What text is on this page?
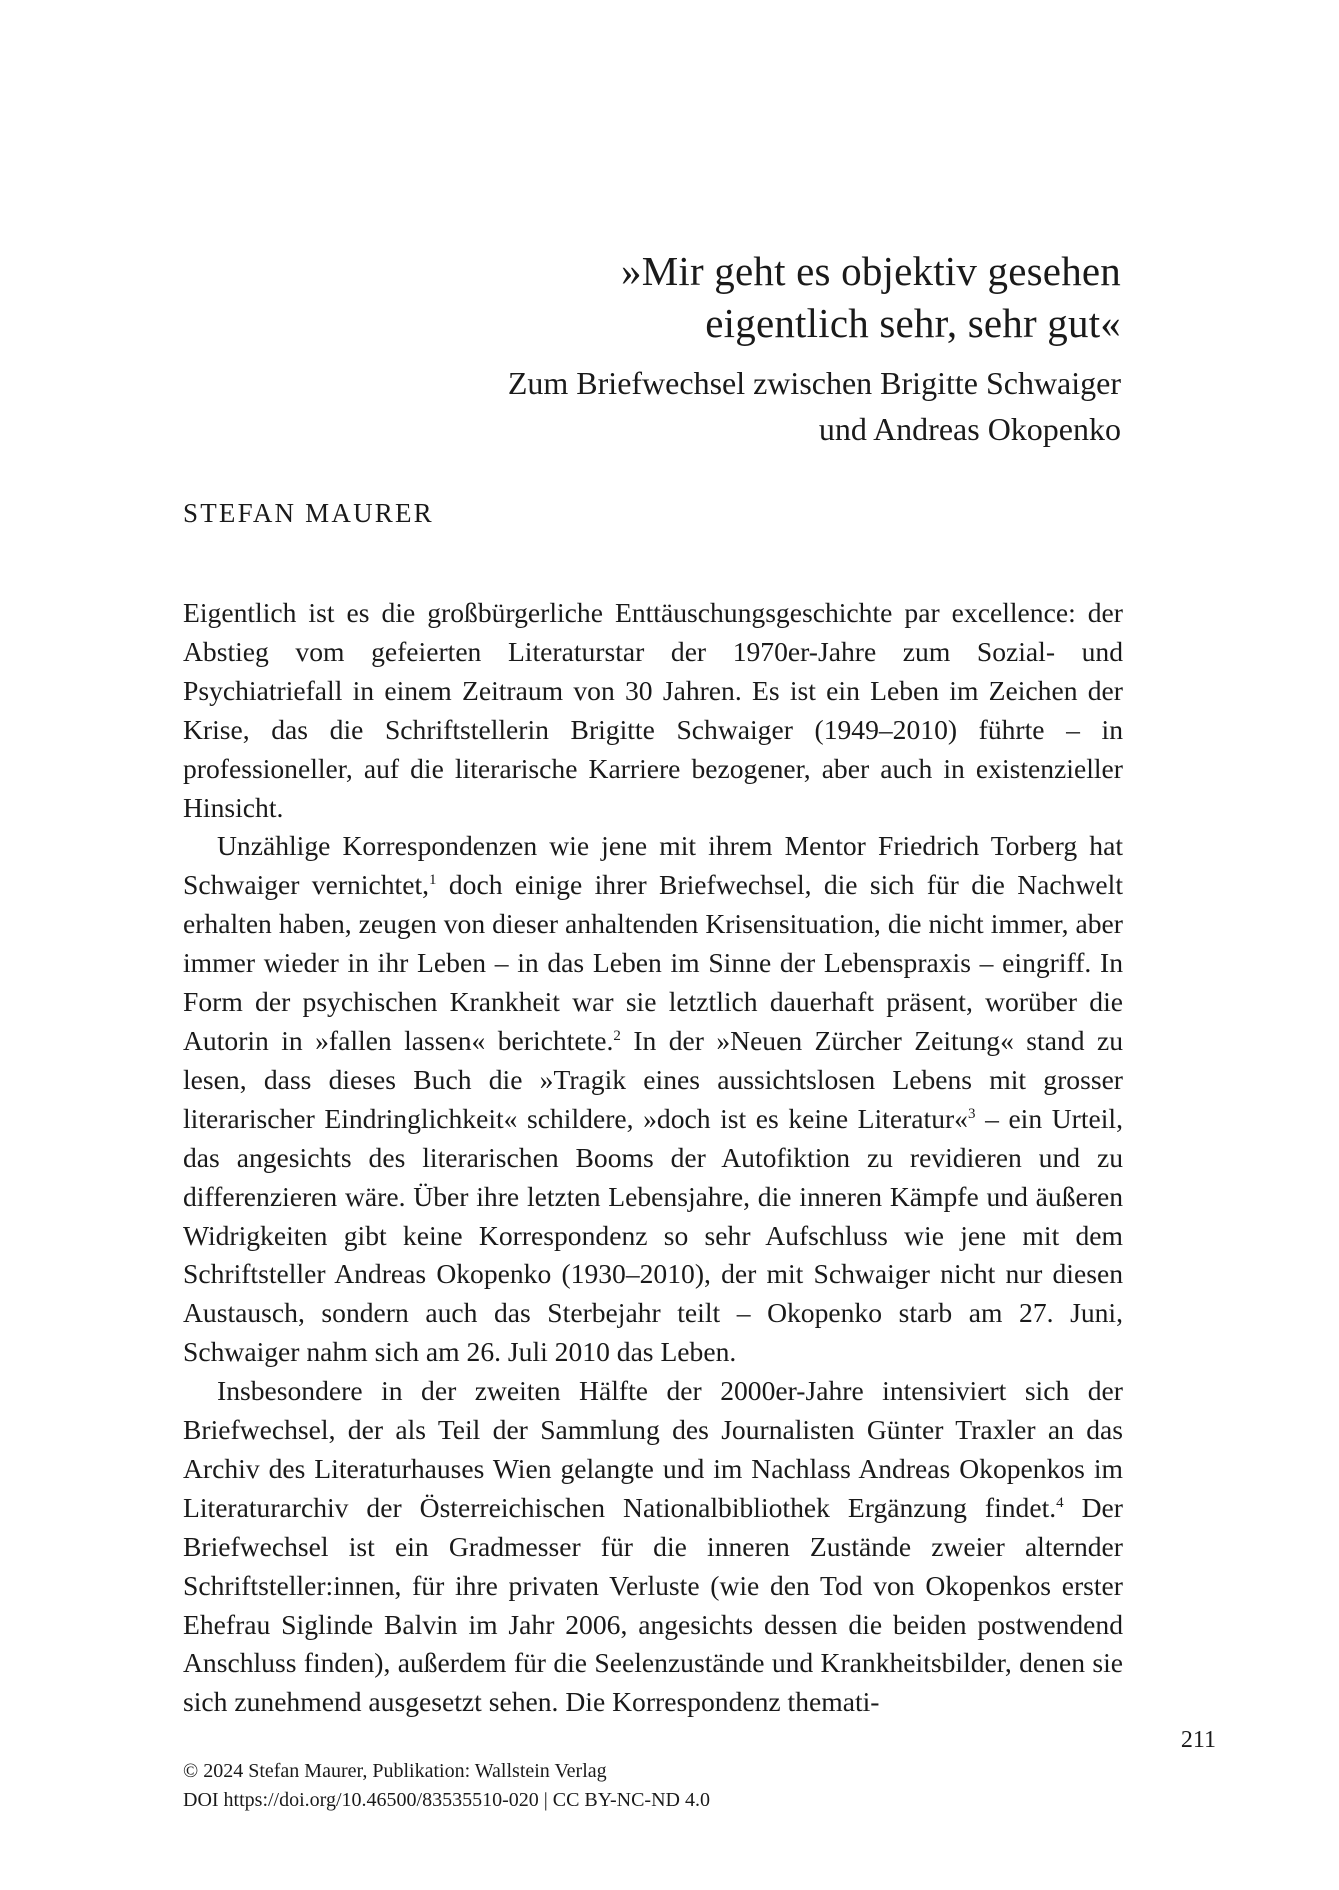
»Mir geht es objektiv gesehen
eigentlich sehr, sehr gut«
Zum Briefwechsel zwischen Brigitte Schwaiger
und Andreas Okopenko
STEFAN MAURER

Eigentlich ist es die großbürgerliche Enttäuschungsgeschichte par excellence: der Abstieg vom gefeierten Literaturstar der 1970er-Jahre zum Sozial- und Psychiatriefall in einem Zeitraum von 30 Jahren. Es ist ein Leben im Zeichen der Krise, das die Schriftstellerin Brigitte Schwaiger (1949–2010) führte – in professioneller, auf die literarische Karriere bezogener, aber auch in existenzieller Hinsicht.

Unzählige Korrespondenzen wie jene mit ihrem Mentor Friedrich Torberg hat Schwaiger vernichtet,$^1$ doch einige ihrer Briefwechsel, die sich für die Nachwelt erhalten haben, zeugen von dieser anhaltenden Krisensituation, die nicht immer, aber immer wieder in ihr Leben – in das Leben im Sinne der Lebenspraxis – eingriff. In Form der psychischen Krankheit war sie letztlich dauerhaft präsent, worüber die Autorin in »fallen lassen« berichtete.$^2$ In der »Neuen Zürcher Zeitung« stand zu lesen, dass dieses Buch die »Tragik eines aussichtslosen Lebens mit grosser literarischer Eindringlichkeit« schildere, »doch ist es keine Literatur«$^3$ – ein Urteil, das angesichts des literarischen Booms der Autofiktion zu revidieren und zu differenzieren wäre. Über ihre letzten Lebensjahre, die inneren Kämpfe und äußeren Widrigkeiten gibt keine Korrespondenz so sehr Aufschluss wie jene mit dem Schriftsteller Andreas Okopenko (1930–2010), der mit Schwaiger nicht nur diesen Austausch, sondern auch das Sterbejahr teilt – Okopenko starb am 27. Juni, Schwaiger nahm sich am 26. Juli 2010 das Leben.

Insbesondere in der zweiten Hälfte der 2000er-Jahre intensiviert sich der Briefwechsel, der als Teil der Sammlung des Journalisten Günter Traxler an das Archiv des Literaturhauses Wien gelangte und im Nachlass Andreas Okopenkos im Literaturarchiv der Österreichischen Nationalbibliothek Ergänzung findet.$^4$ Der Briefwechsel ist ein Gradmesser für die inneren Zustände zweier alternder Schriftsteller:innen, für ihre privaten Verluste (wie den Tod von Okopenkos erster Ehefrau Siglinde Balvin im Jahr 2006, angesichts dessen die beiden postwendend Anschluss finden), außerdem für die Seelenzustände und Krankheitsbilder, denen sie sich zunehmend ausgesetzt sehen. Die Korrespondenz themati-

211
© 2024 Stefan Maurer, Publikation: Wallstein Verlag
DOI https://doi.org/10.46500/83535510-020 | CC BY-NC-ND 4.0
